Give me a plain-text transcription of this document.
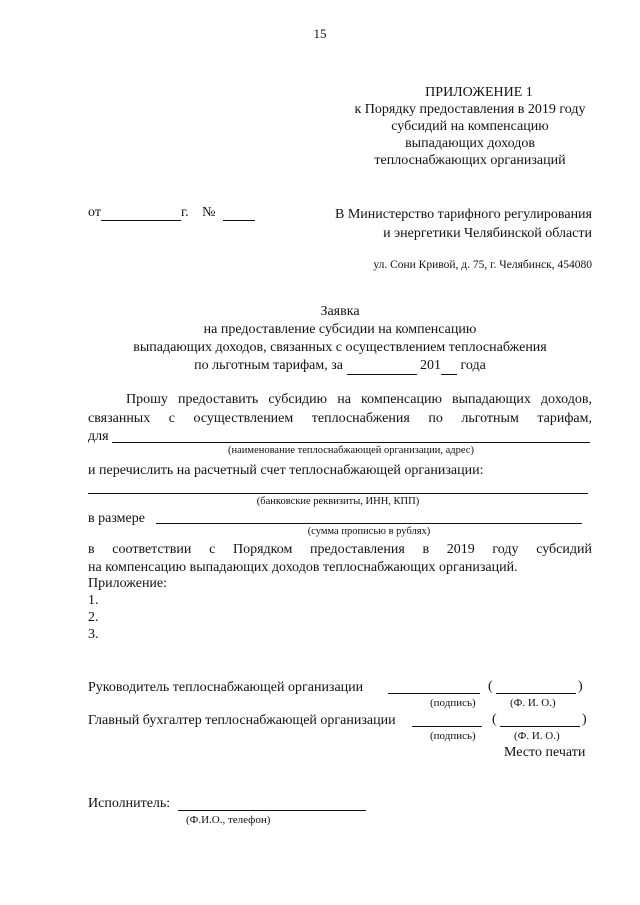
15
ПРИЛОЖЕНИЕ 1
к Порядку предоставления в 2019 году
субсидий на компенсацию
выпадающих доходов
теплоснабжающих организаций
от	г. №	В Министерство тарифного регулирования
и энергетики Челябинской области
ул. Сони Кривой, д. 75, г. Челябинск, 454080
Заявка
на предоставление субсидии на компенсацию
выпадающих доходов, связанных с осуществлением теплоснабжения
по льготным тарифам, за	201 года
Прошу предоставить субсидию на компенсацию выпадающих доходов,
связанных с осуществлением теплоснабжения по льготным тарифам,
для
(наименование теплоснабжающей организации, адрес)
и перечислить на расчетный счет теплоснабжающей организации:
(банковские реквизиты, ИНН, КПП)
в размере
(сумма прописью в рублях)
в соответствии с Порядком предоставления в 2019 году субсидий
на компенсацию выпадающих доходов теплоснабжающих организаций.
Приложение:
1.
2.
3.
Руководитель теплоснабжающей организации	(	)
(подпись)	(Ф. И. О.)
Главный бухгалтер теплоснабжающей организации	(	)
(подпись)	(Ф. И. О.)
Место печати
Исполнитель:
(Ф.И.О., телефон)
